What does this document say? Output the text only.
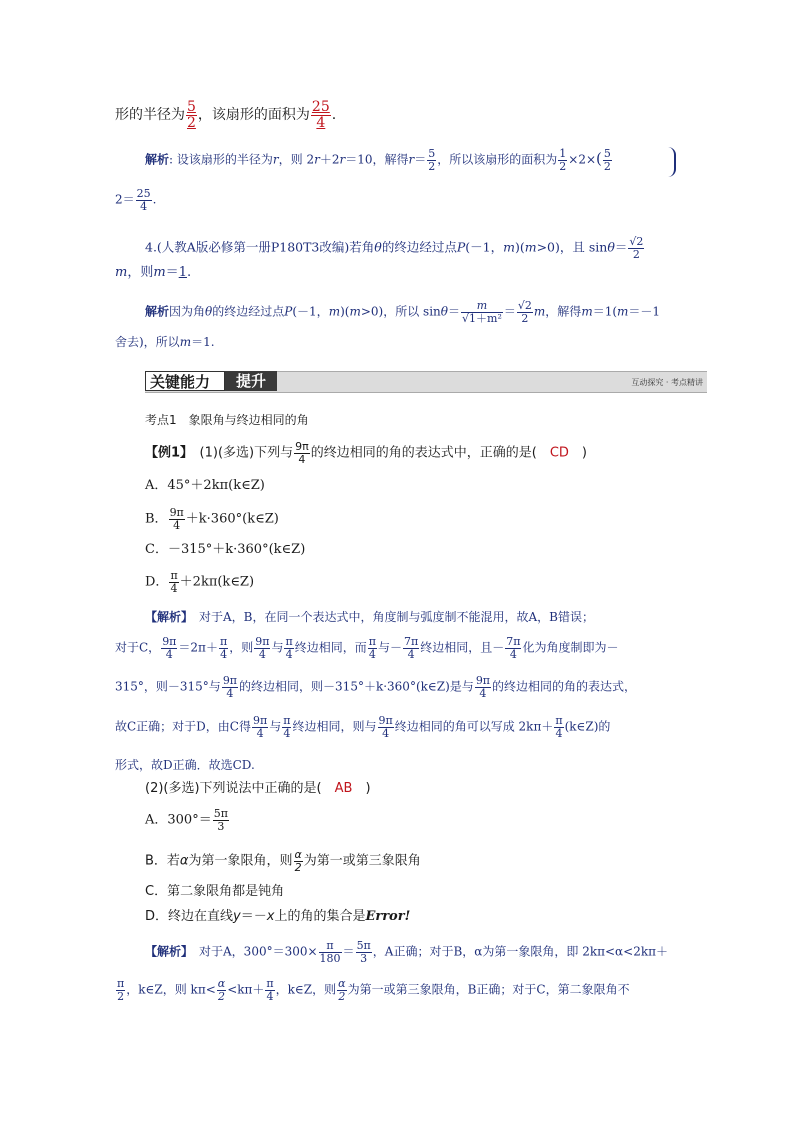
形的半径为 $\frac{5}{2}$ ，该扇形的面积为 $\frac{25}{4}$ .
解析: 设该扇形的半径为r，则 2r＋2r＝10，解得$r= \frac{5}{2}$ ，所以该扇形的面积为 $\frac{1}{2} \times 2\times( \frac{5}{2}$
$2= \frac{25}{4}$ .
4.(人教A版必修第一册P180T3改编)若角θ的终边经过点P(－1，m)(m>0)，且 $\sin\theta= \frac{√2}{2}$
m，则m＝1.
解析因为角θ的终边经过点P(－1，m)(m>0)，所以 $\sin\theta= \frac{m}{\text{√1＋m²}} = \frac{√2}{2}$ m，解得m＝1(m＝－1
舍去)，所以m＝1.
关键能力	提升	互动探究 · 考点精讲
考点1　象限角与终边相同的角
【例1】　(1)(多选)下列与 $\frac{9\pi}{4}$ 的终边相同的角的表达式中，正确的是(　CD　)
A．45°＋2kπ(k∈Z)
B． $\frac{9\pi}{4}$ ＋k·360°(k∈Z)
C．－315°＋k·360°(k∈Z)
D． $\frac{\pi}{4}$ ＋2kπ(k∈Z)
【解析】　对于A，B，在同一个表达式中，角度制与弧度制不能混用，故A，B错误；
对于C， $\frac{9\pi}{4} =2\pi+ \frac{\pi}{4}$ ，则 $\frac{9\pi}{4}$ 与 $\frac{\pi}{4}$ 终边相同，而 $\frac{\pi}{4}$ 与－ $\frac{7\pi}{4}$ 终边相同，且－ $\frac{7\pi}{4}$ 化为角度制即为－
315°，则－315°与 $\frac{9\pi}{4}$ 的终边相同，则－315°＋k·360°(k∈Z)是与 $\frac{9\pi}{4}$ 的终边相同的角的表达式，
故C正确；对于D，由C得 $\frac{9\pi}{4}$ 与 $\frac{\pi}{4}$ 终边相同，则与 $\frac{9\pi}{4}$ 终边相同的角可以写成 $2k\pi+ \frac{\pi}{4}$ (k∈Z)的
形式，故D正确．故选CD.
(2)(多选)下列说法中正确的是(　AB　)
A．$300^\circ= \frac{5\pi}{3}$
B．若α为第一象限角，则 $\frac{\alpha}{2}$ 为第一或第三象限角
C．第二象限角都是钝角
D．终边在直线y＝－x上的角的集合是Error!
【解析】　对于A，$300^\circ=300\times \frac{\pi}{180} = \frac{5\pi}{3}$ ，A正确；对于B，α为第一象限角，即 2kπ<α<2kπ＋
$\frac{\pi}{2}$ ，k∈Z，则 $k\pi< \frac{\alpha}{2} <k\pi+ \frac{\pi}{4}$ ，k∈Z，则 $\frac{\alpha}{2}$ 为第一或第三象限角，B正确；对于C，第二象限角不
